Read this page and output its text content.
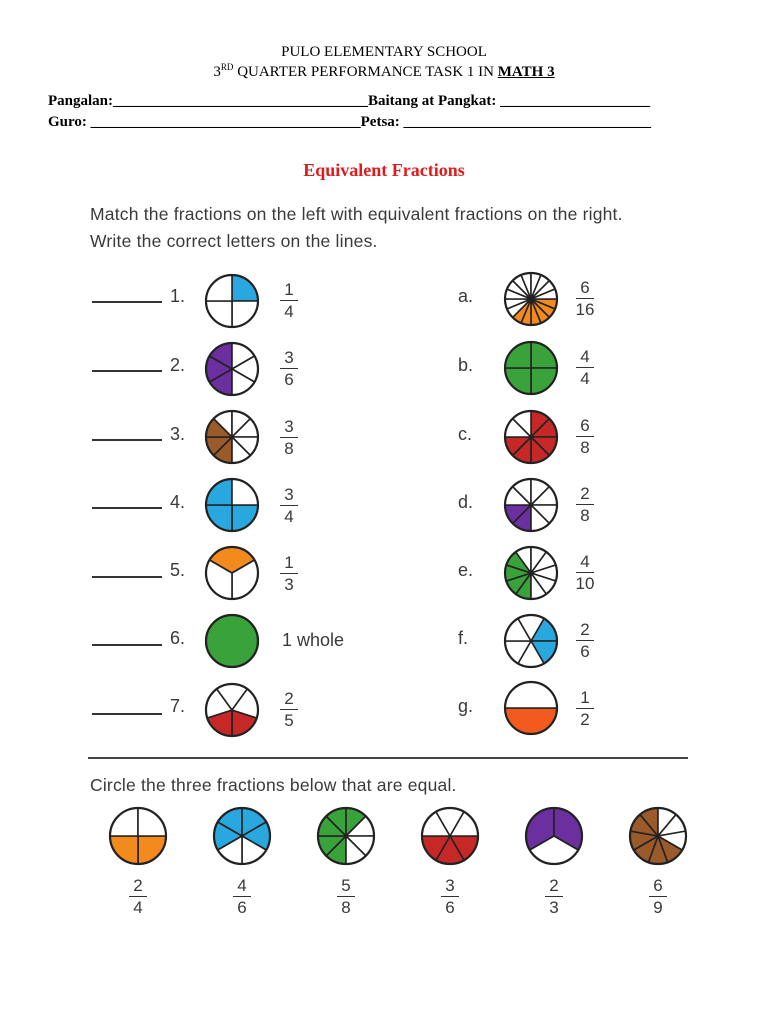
PULO ELEMENTARY SCHOOL
3RD QUARTER PERFORMANCE TASK 1 IN MATH 3
Pangalan:__________________________________Baitang at Pangkat: ____________________
Guro: ____________________________________Petsa: _________________________________
Equivalent Fractions
Match the fractions on the left with equivalent fractions on the right.
Write the correct letters on the lines.
1.	1
4
2.	3
6
3.	3
8
4.	3
4
5.	1
3
6.	1 whole
7.	2
5
a.	6
16
b.	4
4
c.	6
8
d.	2
8
e.	4
10
f.	2
6
g.	1
2
Circle the three fractions below that are equal.
2
4
4
6
5
8
3
6
2
3
6
9
